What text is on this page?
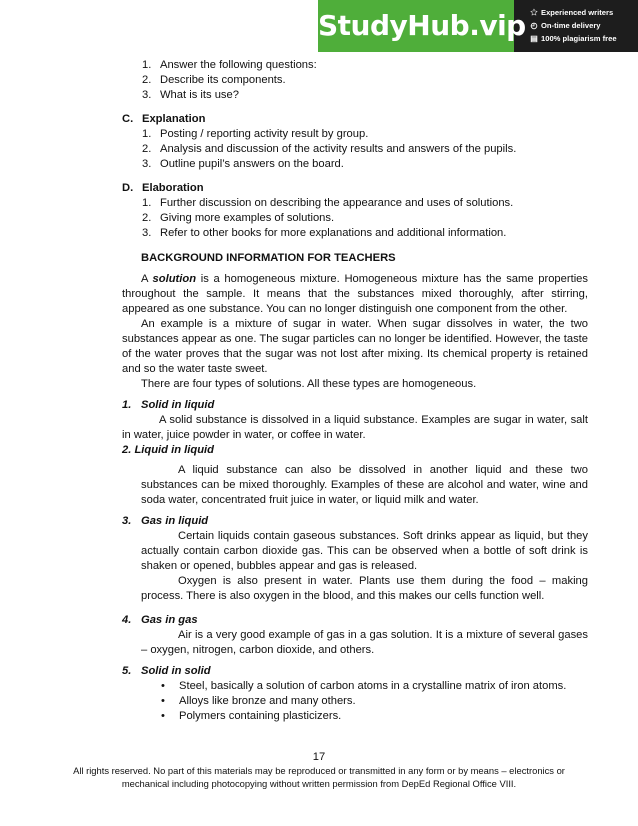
StudyHub.vip ✩ Experienced writers
◴ On-time delivery
▤ 100% plagiarism free
1. Answer the following questions:
2. Describe its components.
3. What is its use?
C. Explanation
1. Posting / reporting activity result by group.
2. Analysis and discussion of the activity results and answers of the pupils.
3. Outline pupil’s answers on the board.
D. Elaboration
1. Further discussion on describing the appearance and uses of solutions.
2. Giving more examples of solutions.
3. Refer to other books for more explanations and additional information.
BACKGROUND INFORMATION FOR TEACHERS

A solution is a homogeneous mixture. Homogeneous mixture has the same properties throughout the sample. It means that the substances mixed thoroughly, after stirring, appeared as one substance. You can no longer distinguish one component from the other.

An example is a mixture of sugar in water. When sugar dissolves in water, the two substances appear as one. The sugar particles can no longer be identified. However, the taste of the water proves that the sugar was not lost after mixing. Its chemical property is retained and so the water taste sweet.

There are four types of solutions. All these types are homogeneous.

1. Solid in liquid

A solid substance is dissolved in a liquid substance. Examples are sugar in water, salt in water, juice powder in water, or coffee in water.

2. Liquid in liquid

A liquid substance can also be dissolved in another liquid and these two substances can be mixed thoroughly. Examples of these are alcohol and water, wine and soda water, concentrated fruit juice in water, or liquid milk and water.

3. Gas in liquid

Certain liquids contain gaseous substances. Soft drinks appear as liquid, but they actually contain carbon dioxide gas. This can be observed when a bottle of soft drink is shaken or opened, bubbles appear and gas is released.

Oxygen is also present in water. Plants use them during the food – making process. There is also oxygen in the blood, and this makes our cells function well.

4. Gas in gas

Air is a very good example of gas in a gas solution. It is a mixture of several gases – oxygen, nitrogen, carbon dioxide, and others.

5. Solid in solid
•	Steel, basically a solution of carbon atoms in a crystalline matrix of iron atoms.
•	Alloys like bronze and many others.
•	Polymers containing plasticizers.
17
All rights reserved. No part of this materials may be reproduced or transmitted in any form or by means – electronics or mechanical including photocopying without written permission from DepEd Regional Office VIII.
